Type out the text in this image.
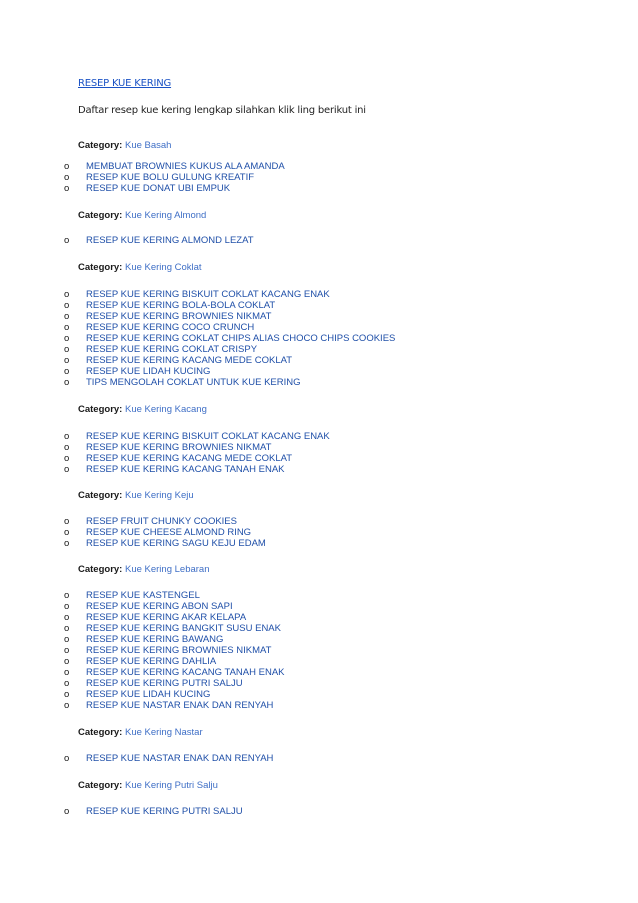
RESEP KUE KERING
Daftar resep kue kering lengkap silahkan klik ling berikut ini
Category: Kue Basah
o MEMBUAT BROWNIES KUKUS ALA AMANDA
o RESEP KUE BOLU GULUNG KREATIF
o RESEP KUE DONAT UBI EMPUK
Category: Kue Kering Almond
o RESEP KUE KERING ALMOND LEZAT
Category: Kue Kering Coklat
o RESEP KUE KERING BISKUIT COKLAT KACANG ENAK
o RESEP KUE KERING BOLA-BOLA COKLAT
o RESEP KUE KERING BROWNIES NIKMAT
o RESEP KUE KERING COCO CRUNCH
o RESEP KUE KERING COKLAT CHIPS ALIAS CHOCO CHIPS COOKIES
o RESEP KUE KERING COKLAT CRISPY
o RESEP KUE KERING KACANG MEDE COKLAT
o RESEP KUE LIDAH KUCING
o TIPS MENGOLAH COKLAT UNTUK KUE KERING
Category: Kue Kering Kacang
o RESEP KUE KERING BISKUIT COKLAT KACANG ENAK
o RESEP KUE KERING BROWNIES NIKMAT
o RESEP KUE KERING KACANG MEDE COKLAT
o RESEP KUE KERING KACANG TANAH ENAK
Category: Kue Kering Keju
o RESEP FRUIT CHUNKY COOKIES
o RESEP KUE CHEESE ALMOND RING
o RESEP KUE KERING SAGU KEJU EDAM
Category: Kue Kering Lebaran
o RESEP KUE KASTENGEL
o RESEP KUE KERING ABON SAPI
o RESEP KUE KERING AKAR KELAPA
o RESEP KUE KERING BANGKIT SUSU ENAK
o RESEP KUE KERING BAWANG
o RESEP KUE KERING BROWNIES NIKMAT
o RESEP KUE KERING DAHLIA
o RESEP KUE KERING KACANG TANAH ENAK
o RESEP KUE KERING PUTRI SALJU
o RESEP KUE LIDAH KUCING
o RESEP KUE NASTAR ENAK DAN RENYAH
Category: Kue Kering Nastar
o RESEP KUE NASTAR ENAK DAN RENYAH
Category: Kue Kering Putri Salju
o RESEP KUE KERING PUTRI SALJU
